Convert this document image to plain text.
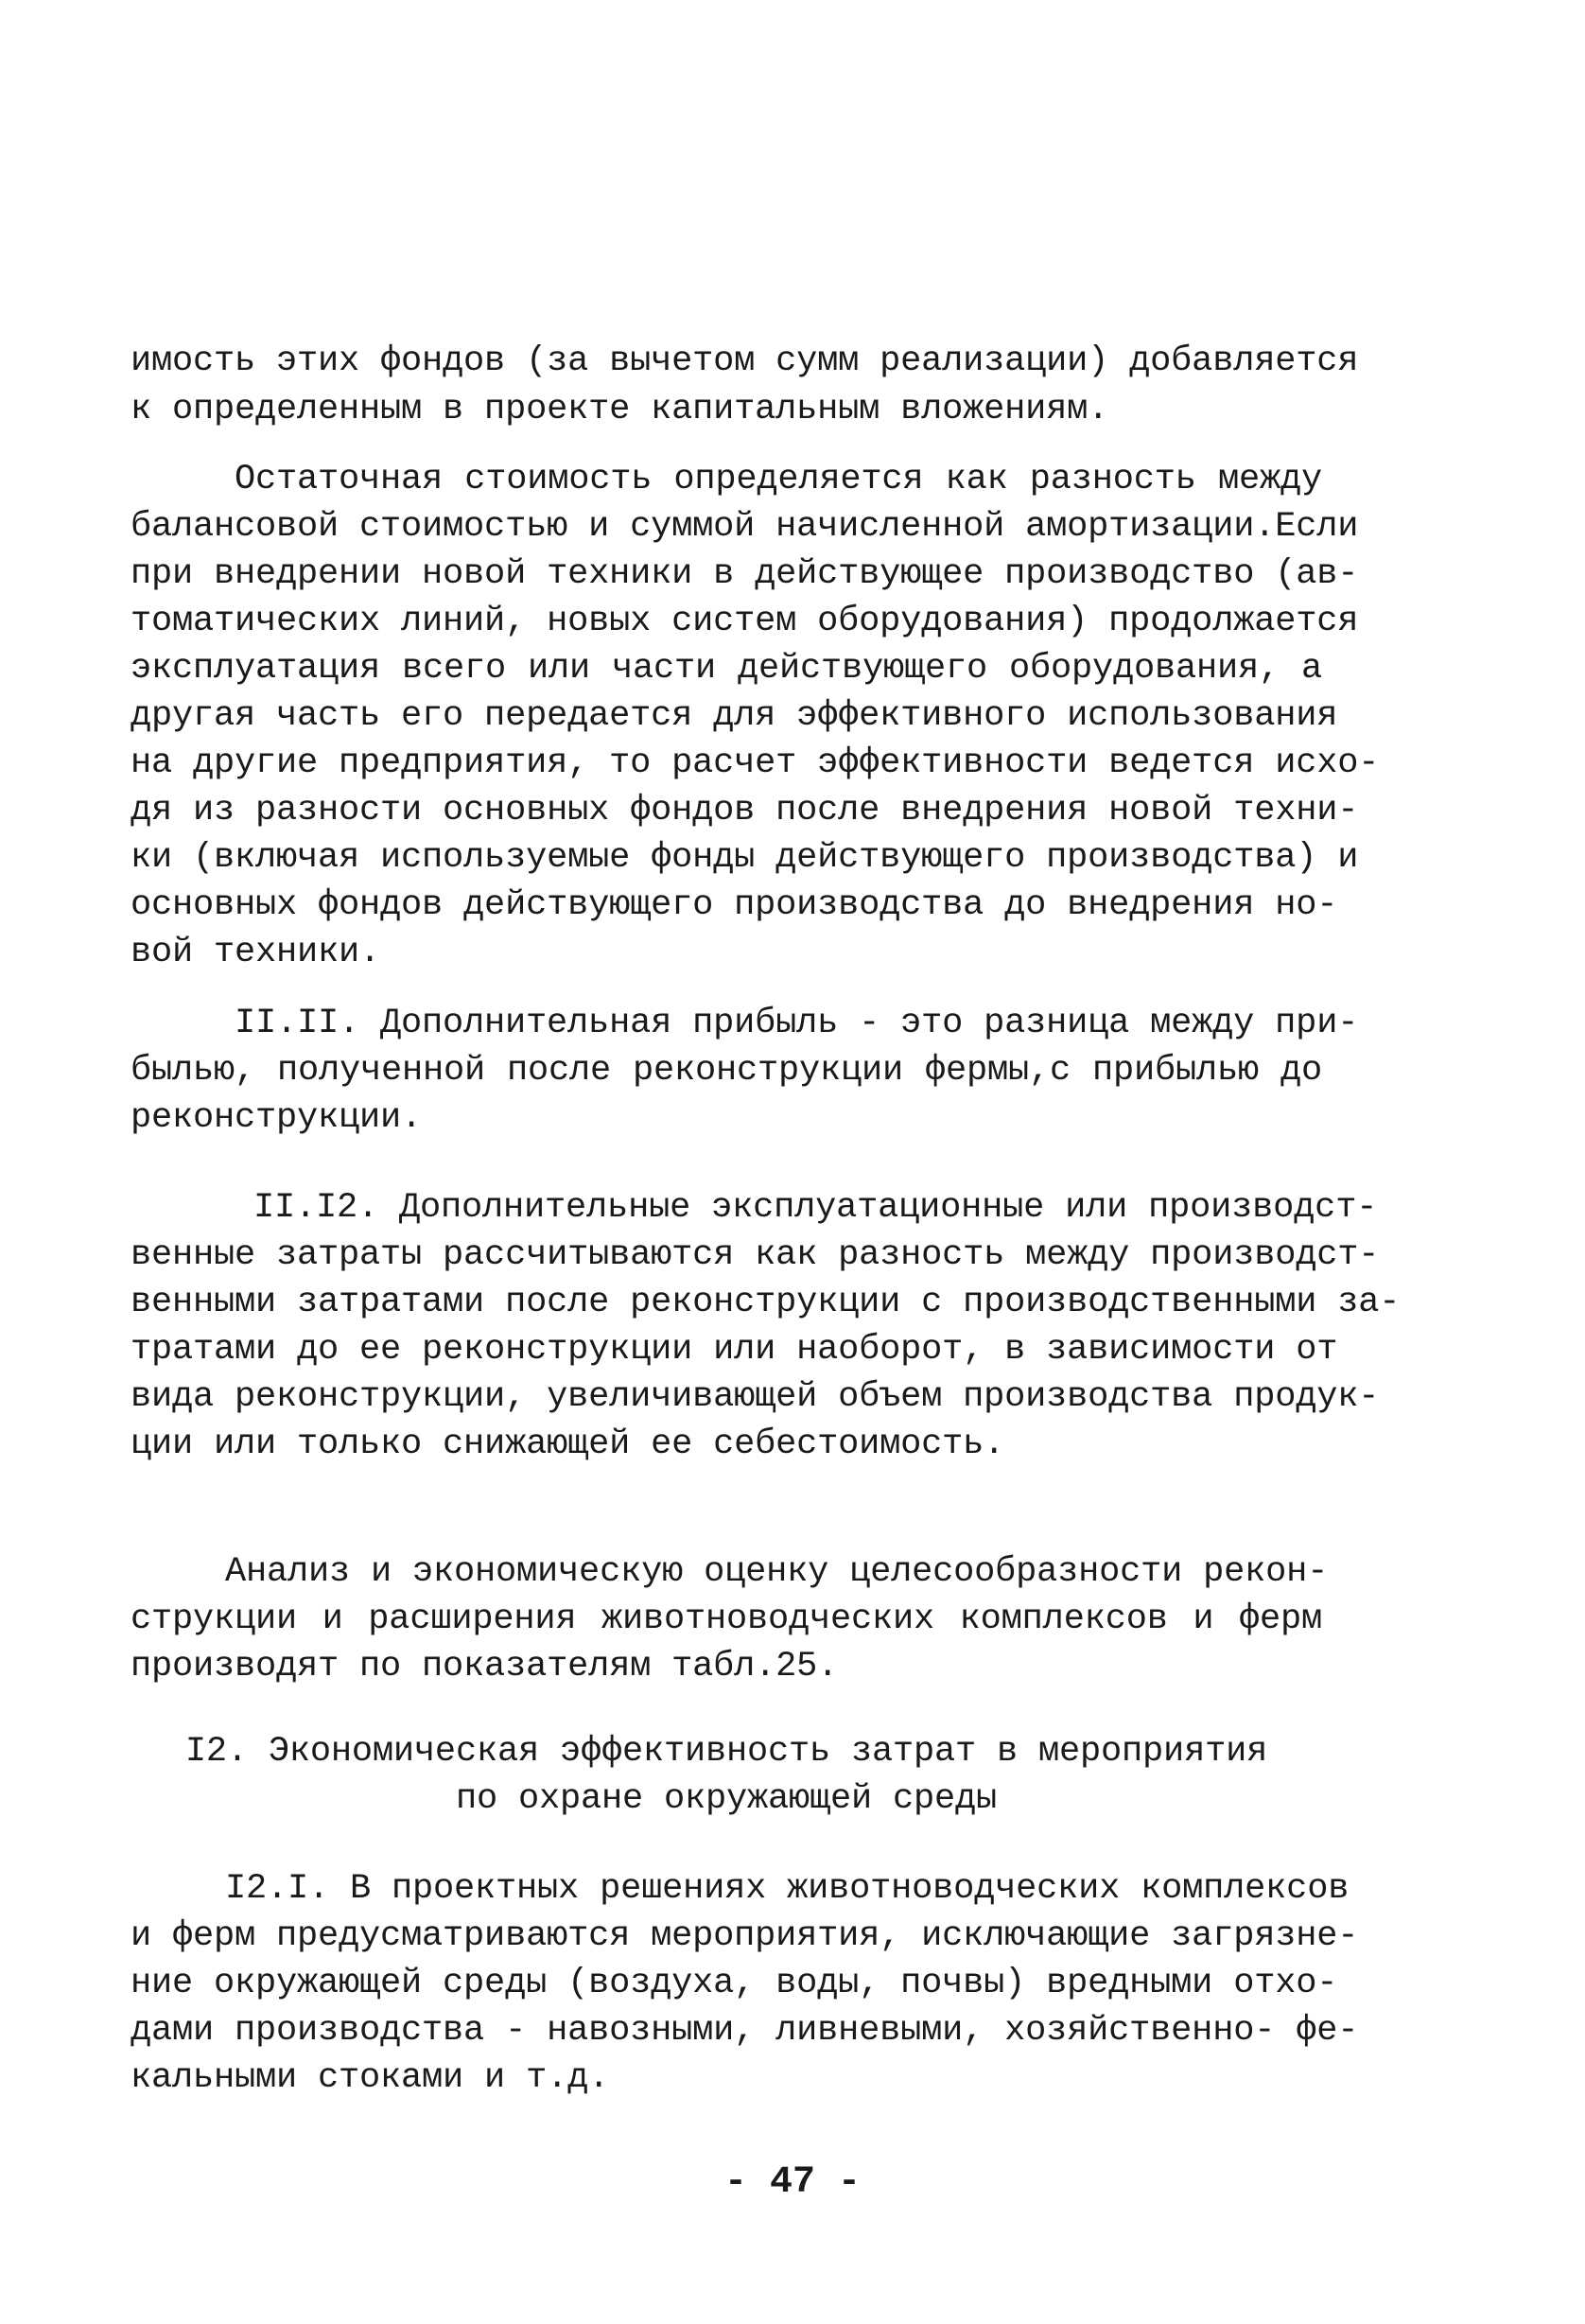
имость этих фондов (за вычетом сумм реализации) добавляется
к определенным в проекте капитальным вложениям.
Остаточная стоимость определяется как разность между
балансовой стоимостью и суммой начисленной амортизации.Если
при внедрении новой техники в действующее производство (ав-
томатических линий, новых систем оборудования) продолжается
эксплуатация всего или части действующего оборудования, а
другая часть его передается для эффективного использования
на другие предприятия, то расчет эффективности ведется исхо-
дя из разности основных фондов после внедрения новой техни-
ки (включая используемые фонды действующего производства) и
основных фондов действующего производства до внедрения но-
вой техники.
II.II. Дополнительная прибыль - это разница между при-
былью, полученной после реконструкции фермы,с прибылью до
реконструкции.
II.I2. Дополнительные эксплуатационные или производст-
венные затраты рассчитываются как разность между производст-
венными затратами после реконструкции с производственными за-
тратами до ее реконструкции или наоборот, в зависимости от
вида реконструкции, увеличивающей объем производства продук-
ции или только снижающей ее себестоимость.
Анализ и экономическую оценку целесообразности рекон-
струкции и расширения животноводческих комплексов и ферм
производят по показателям табл.25.
I2. Экономическая эффективность затрат в мероприятия
по охране окружающей среды
I2.I. В проектных решениях животноводческих комплексов
и ферм предусматриваются мероприятия, исключающие загрязне-
ние окружающей среды (воздуха, воды, почвы) вредными отхо-
дами производства - навозными, ливневыми, хозяйственно- фе-
кальными стоками и т.д.
- 47 -
